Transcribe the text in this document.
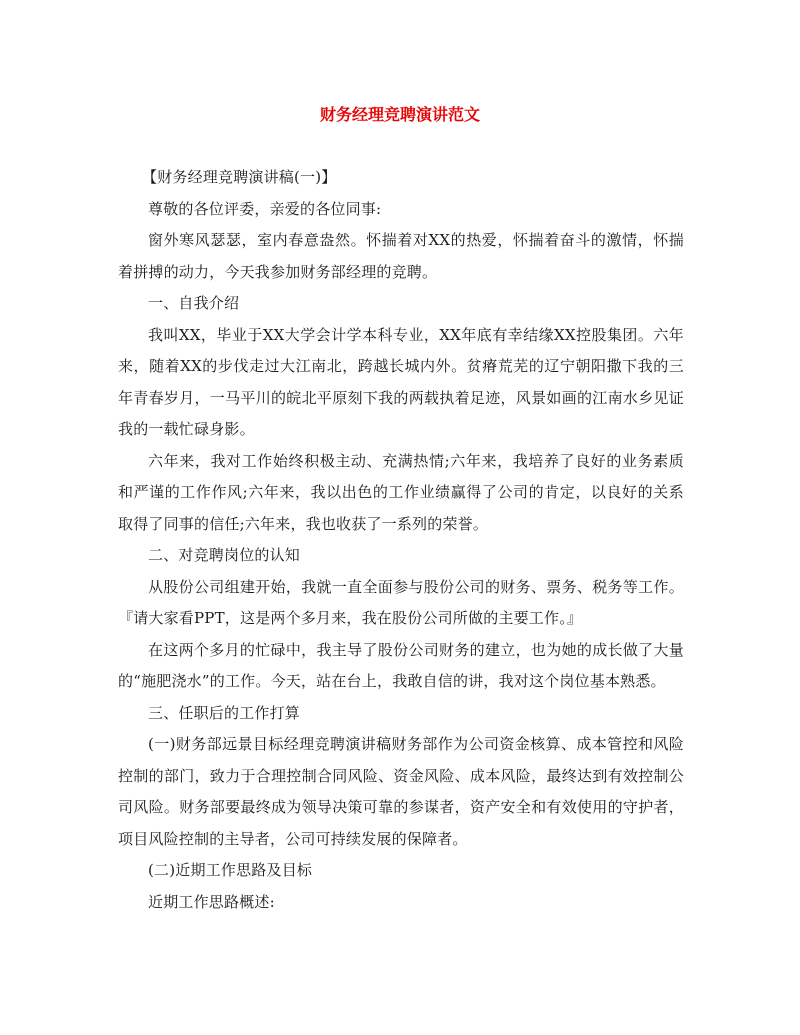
财务经理竞聘演讲范文

【财务经理竞聘演讲稿(一)】

尊敬的各位评委，亲爱的各位同事:

窗外寒风瑟瑟，室内春意盎然。怀揣着对XX的热爱，怀揣着奋斗的激情，怀揣着拼搏的动力，今天我参加财务部经理的竞聘。

一、自我介绍

我叫XX，毕业于XX大学会计学本科专业，XX年底有幸结缘XX控股集团。六年来，随着XX的步伐走过大江南北，跨越长城内外。贫瘠荒芜的辽宁朝阳撒下我的三年青春岁月，一马平川的皖北平原刻下我的两载执着足迹，风景如画的江南水乡见证我的一载忙碌身影。

六年来，我对工作始终积极主动、充满热情;六年来，我培养了良好的业务素质和严谨的工作作风;六年来，我以出色的工作业绩赢得了公司的肯定，以良好的关系取得了同事的信任;六年来，我也收获了一系列的荣誉。

二、对竞聘岗位的认知

从股份公司组建开始，我就一直全面参与股份公司的财务、票务、税务等工作。『请大家看PPT，这是两个多月来，我在股份公司所做的主要工作。』

在这两个多月的忙碌中，我主导了股份公司财务的建立，也为她的成长做了大量的“施肥浇水”的工作。今天，站在台上，我敢自信的讲，我对这个岗位基本熟悉。

三、任职后的工作打算

(一)财务部远景目标经理竞聘演讲稿财务部作为公司资金核算、成本管控和风险控制的部门，致力于合理控制合同风险、资金风险、成本风险，最终达到有效控制公司风险。财务部要最终成为领导决策可靠的参谋者，资产安全和有效使用的守护者，项目风险控制的主导者，公司可持续发展的保障者。

(二)近期工作思路及目标

近期工作思路概述:
